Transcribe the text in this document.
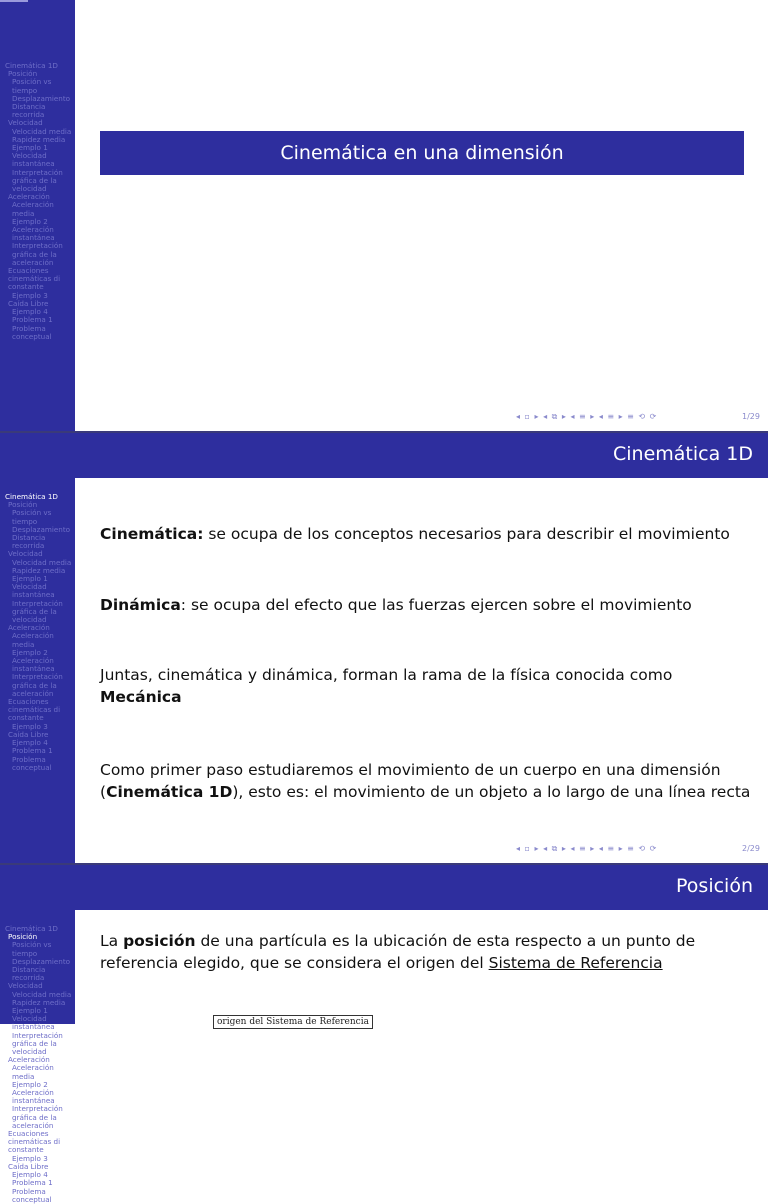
Cinemática 1D
Posición
Posición vs tiempo
Desplazamiento
Distancia recorrida
Velocidad
Velocidad media
Rapidez media
Ejemplo 1
Velocidad instantánea
Interpretación gráfica de la velocidad
Aceleración
Aceleración media
Ejemplo 2
Aceleración instantánea
Interpretación gráfica de la aceleración
Ecuaciones cinemáticas di constante
Ejemplo 3
Caída Libre
Ejemplo 4
Problema 1
Problema conceptual
Cinemática en una dimensión
◂ ▫ ▸ ◂ ⧉ ▸ ◂ ≡ ▸ ◂ ≡ ▸ ≡ ⟲ ⟳	1/29
Cinemática 1D
Posición
Posición vs tiempo
Desplazamiento
Distancia recorrida
Velocidad
Velocidad media
Rapidez media
Ejemplo 1
Velocidad instantánea
Interpretación gráfica de la velocidad
Aceleración
Aceleración media
Ejemplo 2
Aceleración instantánea
Interpretación gráfica de la aceleración
Ecuaciones cinemáticas di constante
Ejemplo 3
Caída Libre
Ejemplo 4
Problema 1
Problema conceptual
Cinemática 1D
Cinemática: se ocupa de los conceptos necesarios para describir el movimiento
Dinámica: se ocupa del efecto que las fuerzas ejercen sobre el movimiento
Juntas, cinemática y dinámica, forman la rama de la física conocida como
Mecánica
Como primer paso estudiaremos el movimiento de un cuerpo en una dimensión (Cinemática 1D), esto es: el movimiento de un objeto a lo largo de una línea recta
◂ ▫ ▸ ◂ ⧉ ▸ ◂ ≡ ▸ ◂ ≡ ▸ ≡ ⟲ ⟳	2/29
Cinemática 1D
Posición
Posición vs tiempo
Desplazamiento
Distancia recorrida
Velocidad
Velocidad media
Rapidez media
Ejemplo 1
Velocidad instantánea
Interpretación gráfica de la velocidad
Aceleración
Aceleración media
Ejemplo 2
Aceleración instantánea
Interpretación gráfica de la aceleración
Ecuaciones cinemáticas di constante
Ejemplo 3
Caída Libre
Ejemplo 4
Problema 1
Problema conceptual
Posición
La posición de una partícula es la ubicación de esta respecto a un punto de referencia elegido, que se considera el origen del Sistema de Referencia
origen del Sistema de Referencia
